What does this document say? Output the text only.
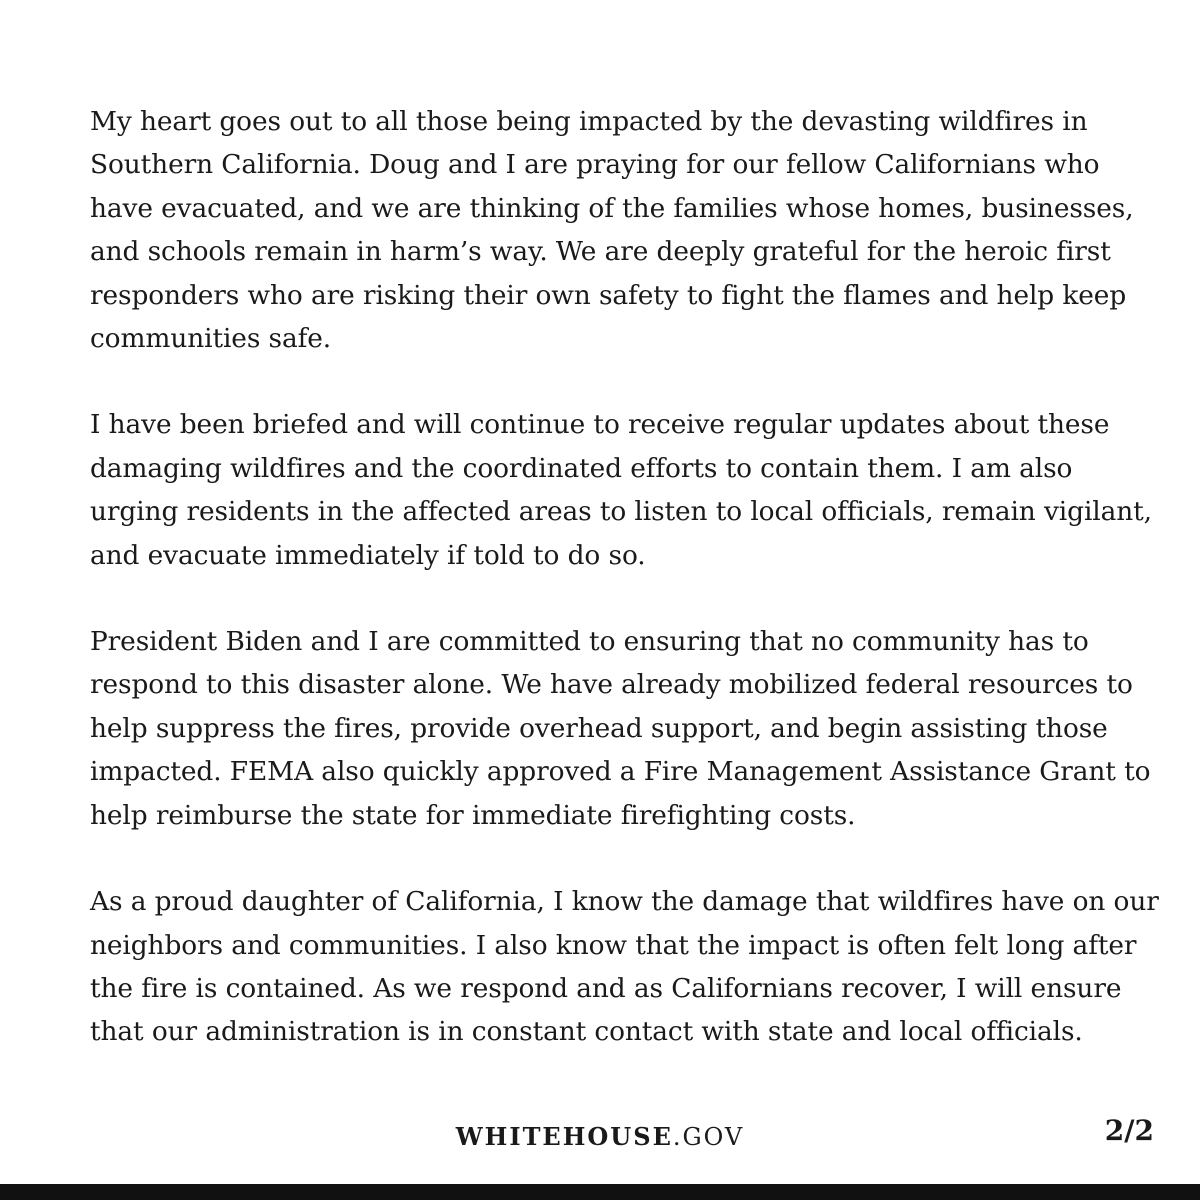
My heart goes out to all those being impacted by the devasting wildfires in
Southern California. Doug and I are praying for our fellow Californians who
have evacuated, and we are thinking of the families whose homes, businesses,
and schools remain in harm’s way. We are deeply grateful for the heroic first
responders who are risking their own safety to fight the flames and help keep
communities safe.

I have been briefed and will continue to receive regular updates about these
damaging wildfires and the coordinated efforts to contain them. I am also
urging residents in the affected areas to listen to local officials, remain vigilant,
and evacuate immediately if told to do so.

President Biden and I are committed to ensuring that no community has to
respond to this disaster alone. We have already mobilized federal resources to
help suppress the fires, provide overhead support, and begin assisting those
impacted. FEMA also quickly approved a Fire Management Assistance Grant to
help reimburse the state for immediate firefighting costs.

As a proud daughter of California, I know the damage that wildfires have on our
neighbors and communities. I also know that the impact is often felt long after
the fire is contained. As we respond and as Californians recover, I will ensure
that our administration is in constant contact with state and local officials.

WHITEHOUSE.GOV	2/2
